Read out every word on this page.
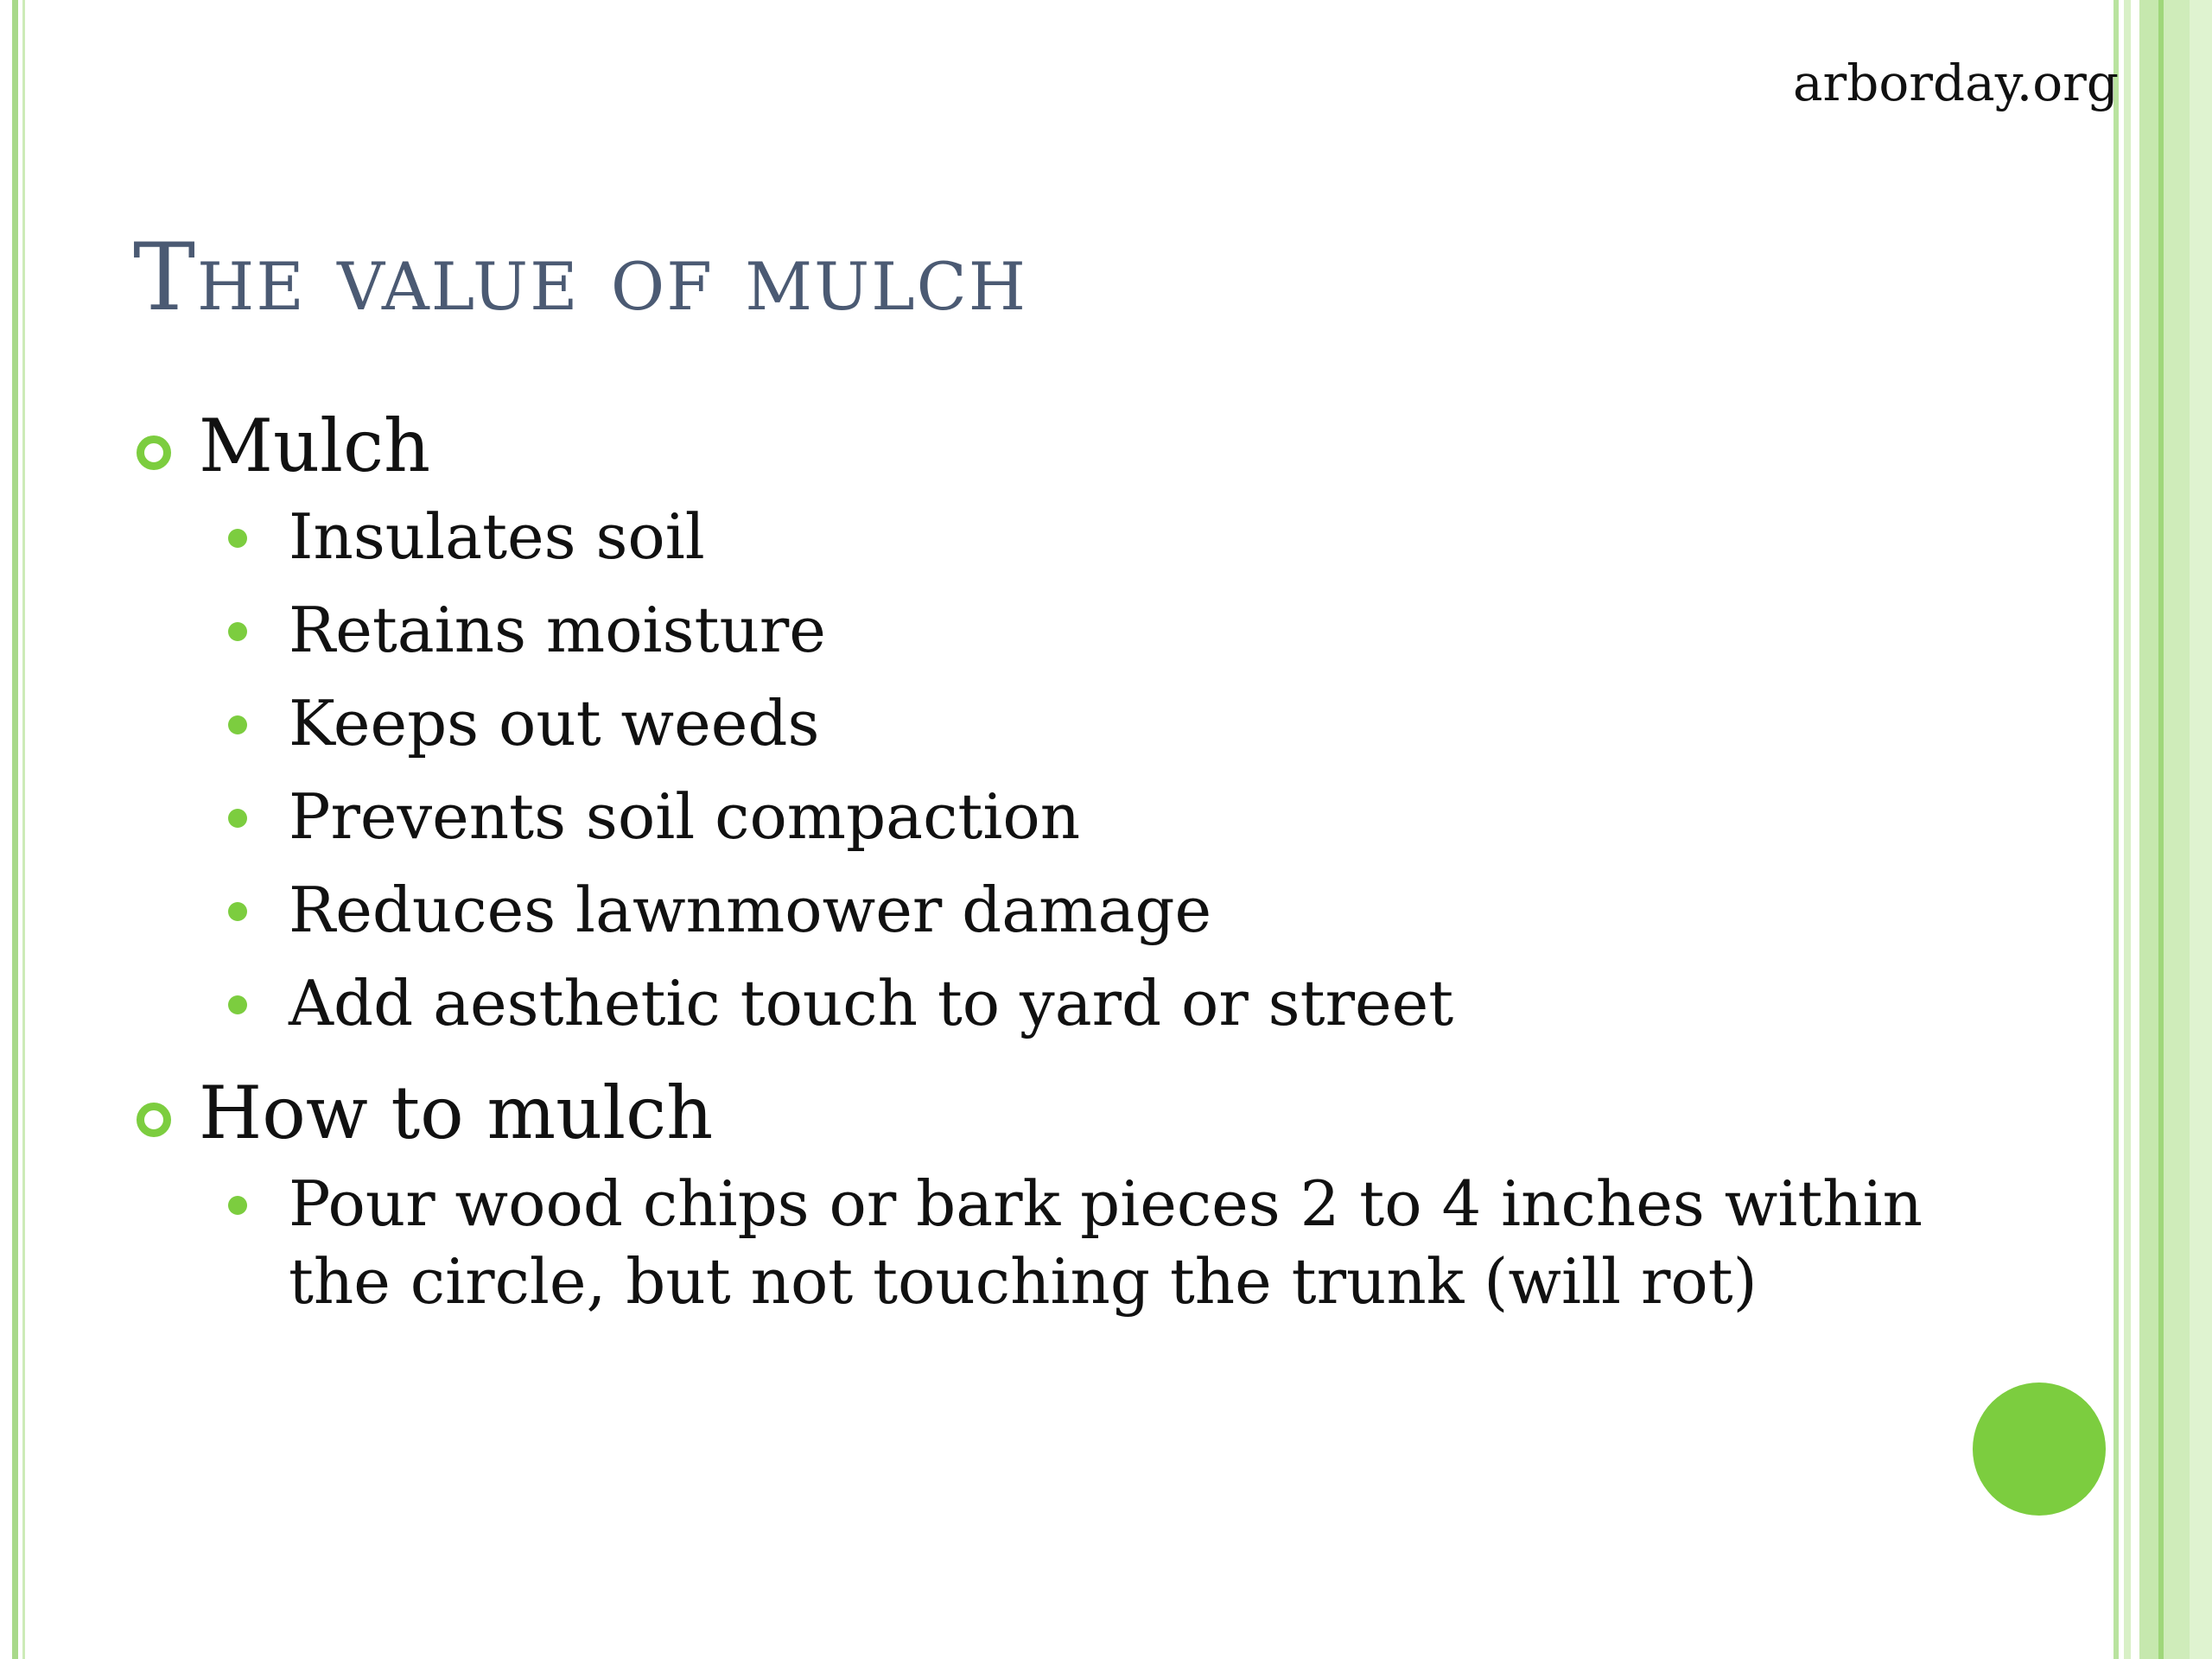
arborday.org
The value of mulch

Mulch

Insulates soil

Retains moisture

Keeps out weeds

Prevents soil compaction

Reduces lawnmower damage

Add aesthetic touch to yard or street

How to mulch

Pour wood chips or bark pieces 2 to 4 inches within the circle, but not touching the trunk (will rot)
